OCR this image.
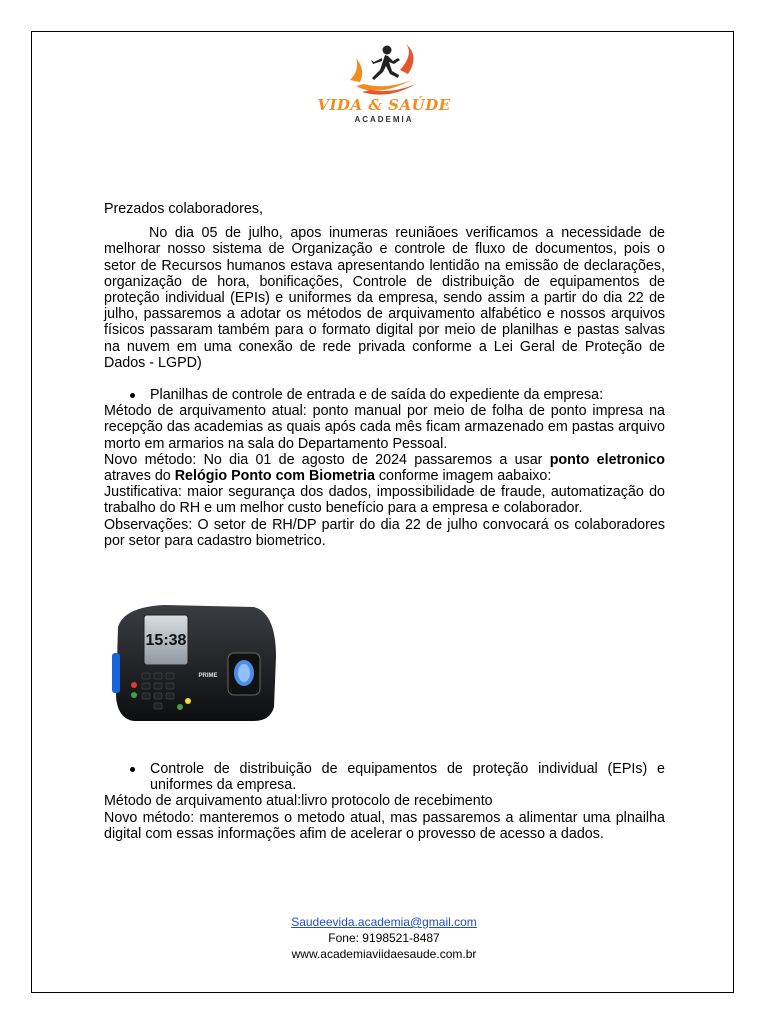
VIDA & SAÚDE
ACADEMIA

Prezados colaboradores,

No dia 05 de julho, apos inumeras reuniãoes verificamos a necessidade de melhorar nosso sistema de Organização e controle de fluxo de documentos, pois o setor de Recursos humanos estava apresentando lentidão na emissão de declarações, organização de hora, bonificações, Controle de distribuição de equipamentos de proteção individual (EPIs) e uniformes da empresa, sendo assim a partir do dia 22 de julho, passaremos a adotar os métodos de arquivamento alfabético e nossos arquivos físicos passaram também para o formato digital por meio de planilhas e pastas salvas na nuvem em uma conexão de rede privada conforme a Lei Geral de Proteção de Dados - LGPD)

Planilhas de controle de entrada e de saída do expediente da empresa:

Método de arquivamento atual: ponto manual por meio de folha de ponto impresa na recepção das academias as quais após cada mês ficam armazenado em pastas arquivo morto em armarios na sala do Departamento Pessoal.

Novo método: No dia 01 de agosto de 2024 passaremos a usar ponto eletronico atraves do Relógio Ponto com Biometria conforme imagem aabaixo:

Justificativa: maior segurança dos dados, impossibilidade de fraude, automatização do trabalho do RH e um melhor custo benefício para a empresa e colaborador.

Observações: O setor de RH/DP partir do dia 22 de julho convocará os colaboradores por setor para cadastro biometrico.

15:38
PRIME
Controle de distribuição de equipamentos de proteção individual (EPIs) e uniformes da empresa.

Método de arquivamento atual:livro protocolo de recebimento

Novo método: manteremos o metodo atual, mas passaremos a alimentar uma plnailha digital com essas informações afim de acelerar o provesso de acesso a dados.

Saudeevida.academia@gmail.com
Fone: 9198521-8487
www.academiaviidaesaude.com.br
